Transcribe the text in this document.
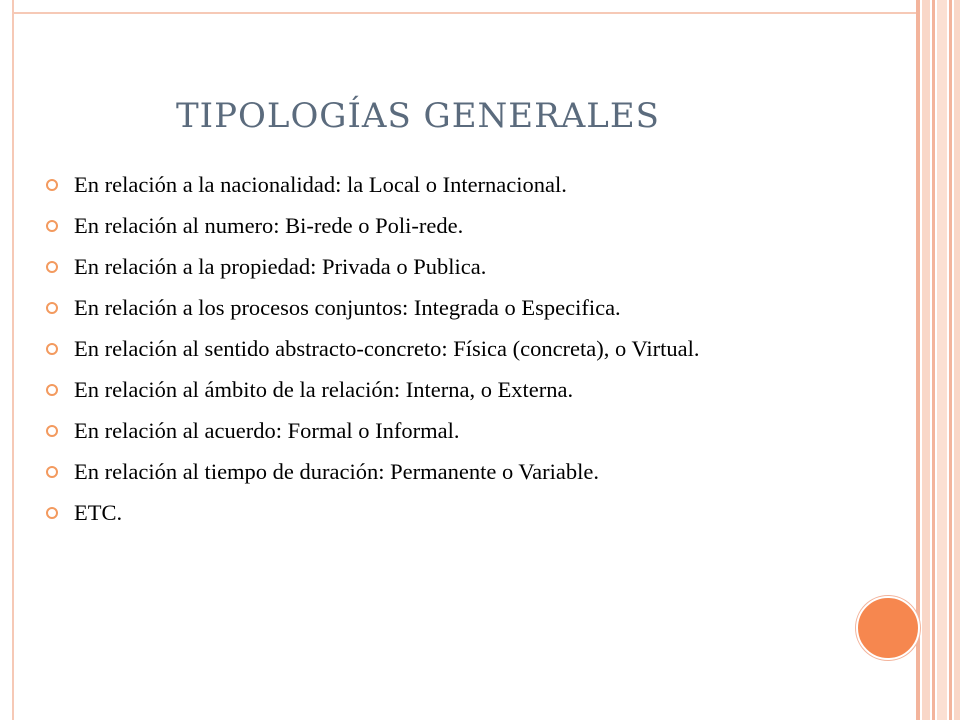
TIPOLOGÍAS GENERALES
En relación a la nacionalidad: la Local o Internacional.
En relación al numero: Bi-rede o Poli-rede.
En relación a la propiedad: Privada o Publica.
En relación a los procesos conjuntos: Integrada o Especifica.
En relación al sentido abstracto-concreto: Física (concreta), o Virtual.
En relación al ámbito de la relación: Interna, o Externa.
En relación al acuerdo: Formal o Informal.
En relación al tiempo de duración: Permanente o Variable.
ETC.
